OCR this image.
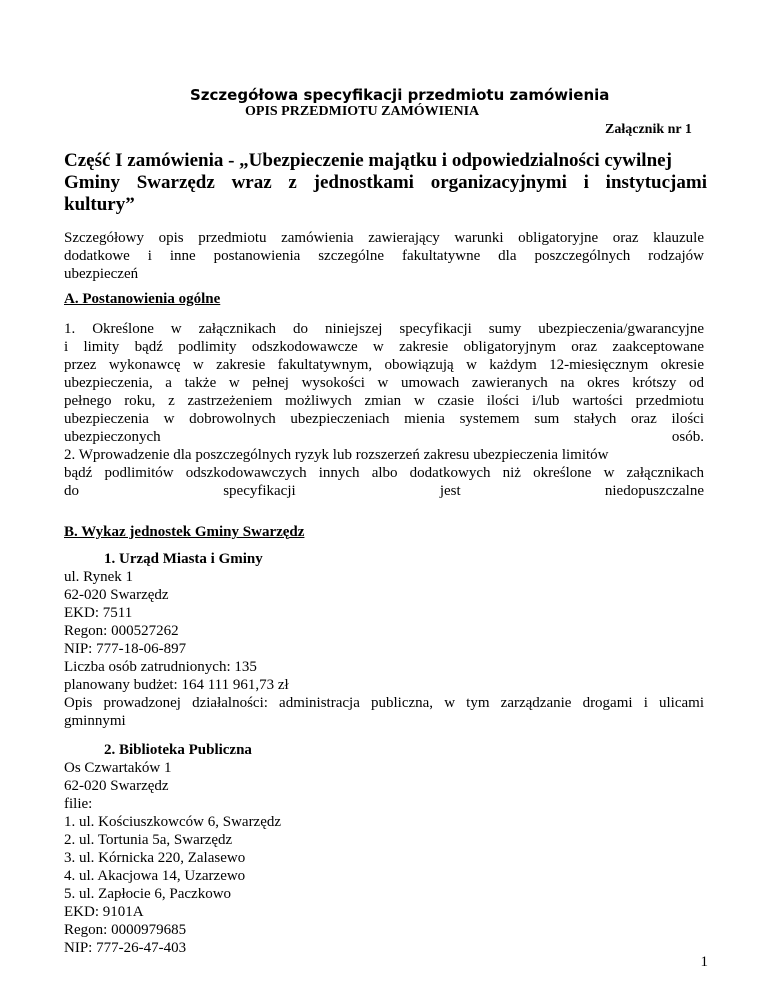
Szczegółowa specyfikacji przedmiotu zamówienia
OPIS PRZEDMIOTU ZAMÓWIENIA
Załącznik nr 1
Część I zamówienia - „Ubezpieczenie majątku i odpowiedzialności cywilnej
Gminy Swarzędz wraz z jednostkami organizacyjnymi i instytucjami
kultury”
Szczegółowy opis przedmiotu zamówienia zawierający warunki obligatoryjne oraz klauzule
dodatkowe i inne postanowienia szczególne fakultatywne dla poszczególnych rodzajów
ubezpieczeń
A. Postanowienia ogólne
1. Określone w załącznikach do niniejszej specyfikacji sumy ubezpieczenia/gwarancyjne
i limity bądź podlimity odszkodowawcze w zakresie obligatoryjnym oraz zaakceptowane
przez wykonawcę w zakresie fakultatywnym, obowiązują w każdym 12-miesięcznym okresie
ubezpieczenia, a także w pełnej wysokości w umowach zawieranych na okres krótszy od
pełnego roku, z zastrzeżeniem możliwych zmian w czasie ilości i/lub wartości przedmiotu
ubezpieczenia w dobrowolnych ubezpieczeniach mienia systemem sum stałych oraz ilości
ubezpieczonych osób.
2. Wprowadzenie dla poszczególnych ryzyk lub rozszerzeń zakresu ubezpieczenia limitów
bądź podlimitów odszkodowawczych innych albo dodatkowych niż określone w załącznikach
do specyfikacji jest niedopuszczalne
B. Wykaz jednostek Gminy Swarzędz
1. Urząd Miasta i Gminy
ul. Rynek 1
62-020 Swarzędz
EKD: 7511
Regon: 000527262
NIP: 777-18-06-897
Liczba osób zatrudnionych: 135
planowany budżet: 164 111 961,73 zł
Opis prowadzonej działalności: administracja publiczna, w tym zarządzanie drogami i ulicami
gminnymi
2. Biblioteka Publiczna
Os Czwartaków 1
62-020 Swarzędz
filie:
1. ul. Kościuszkowców 6, Swarzędz
2. ul. Tortunia 5a, Swarzędz
3. ul. Kórnicka 220, Zalasewo
4. ul. Akacjowa 14, Uzarzewo
5. ul. Zapłocie 6, Paczkowo
EKD: 9101A
Regon: 0000979685
1
NIP: 777-26-47-403
